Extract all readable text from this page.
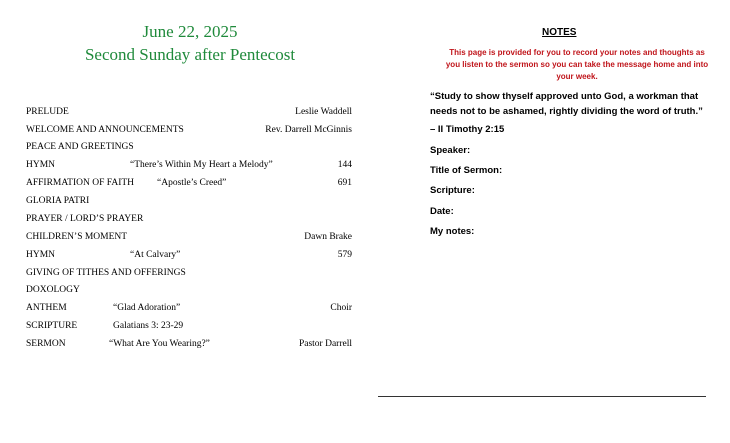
June 22, 2025
Second Sunday after Pentecost
PRELUDE	Leslie Waddell
WELCOME AND ANNOUNCEMENTS	Rev. Darrell McGinnis
PEACE AND GREETINGS
HYMN	“There’s Within My Heart a Melody”	144
AFFIRMATION OF FAITH “Apostle’s Creed”	691
GLORIA PATRI
PRAYER / LORD’S PRAYER
CHILDREN’S MOMENT	Dawn Brake
HYMN	“At Calvary”	579
GIVING OF TITHES AND OFFERINGS
DOXOLOGY
ANTHEM	“Glad Adoration”	Choir
SCRIPTURE	Galatians 3: 23-29
SERMON	“What Are You Wearing?”	Pastor Darrell
NOTES
This page is provided for you to record your notes and thoughts as you listen to the sermon so you can take the message home and into your week.
“Study to show thyself approved unto God, a workman that needs not to be ashamed, rightly dividing the word of truth.”
– II Timothy 2:15
Speaker:
Title of Sermon:
Scripture:
Date:
My notes:
